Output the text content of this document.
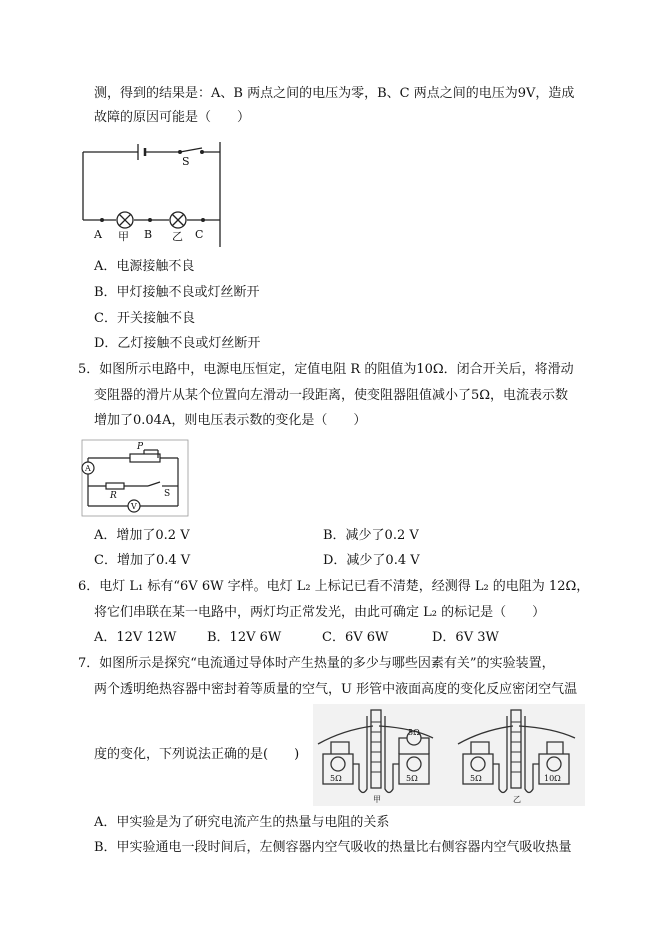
测，得到的结果是：A、B 两点之间的电压为零，B、C 两点之间的电压为9V，造成
故障的原因可能是（　　）
S
A 甲 B 乙 C
A．电源接触不良
B．甲灯接触不良或灯丝断开
C．开关接触不良
D．乙灯接触不良或灯丝断开
5．如图所示电路中，电源电压恒定，定值电阻 R 的阻值为10Ω．闭合开关后，将滑动
变阻器的滑片从某个位置向左滑动一段距离，使变阻器阻值减小了5Ω，电流表示数
增加了0.04A，则电压表示数的变化是（　　）
P
A
R	S
V
A．增加了0.2 V	B．减少了0.2 V
C．增加了0.4 V	D．减少了0.4 V
6．电灯 L₁ 标有“6V 6W 字样。电灯 L₂ 上标记已看不清楚，经测得 L₂ 的电阻为 12Ω，
将它们串联在某一电路中，两灯均正常发光，由此可确定 L₂ 的标记是（　　）
A．12V 12W B．12V 6W	C．6V 6W	D．6V 3W
7．如图所示是探究“电流通过导体时产生热量的多少与哪些因素有关”的实验装置，
两个透明绝热容器中密封着等质量的空气，U 形管中液面高度的变化反应密闭空气温
度的变化，下列说法正确的是(　　)
5Ω	5Ω
5Ω
甲
5Ω	10Ω
乙
A．甲实验是为了研究电流产生的热量与电阻的关系
B．甲实验通电一段时间后，左侧容器内空气吸收的热量比右侧容器内空气吸收热量
